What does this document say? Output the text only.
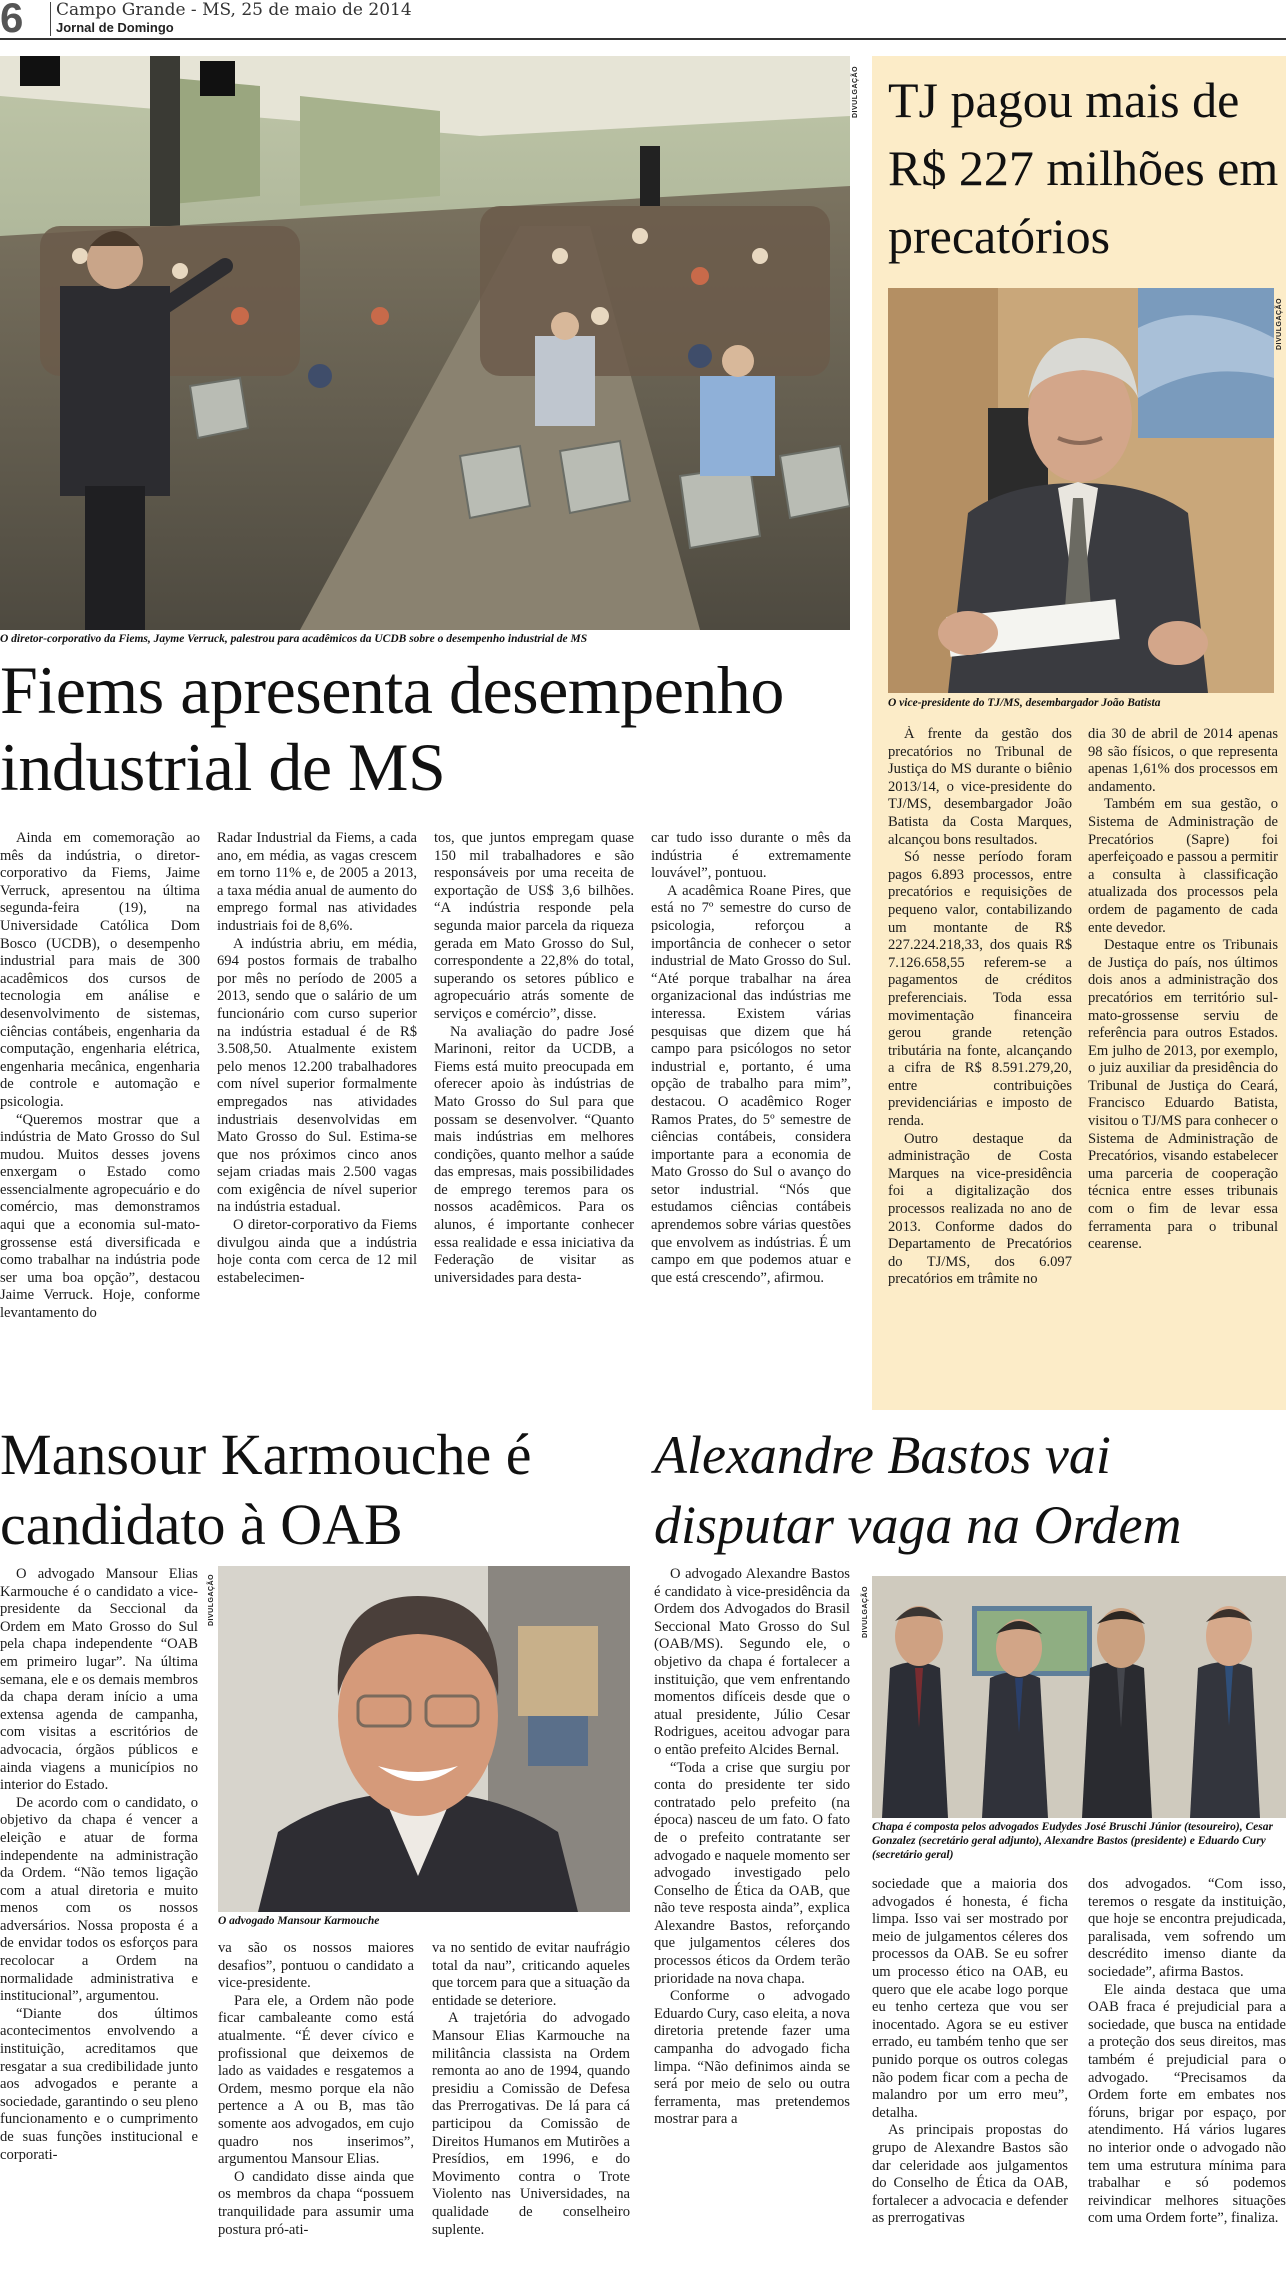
6 Campo Grande - MS, 25 de maio de 2014
Jornal de Domingo
DIVULGAÇÃO
O diretor-corporativo da Fiems, Jayme Verruck, palestrou para acadêmicos da UCDB sobre o desempenho industrial de MS
Fiems apresenta desempenho industrial de MS

Ainda em comemoração ao mês da indústria, o diretor-corporativo da Fiems, Jaime Verruck, apresentou na última segunda-feira (19), na Universidade Católica Dom Bosco (UCDB), o desempenho industrial para mais de 300 acadêmicos dos cursos de tecnologia em análise e desenvolvimento de sistemas, ciências contábeis, engenharia da computação, engenharia elétrica, engenharia mecânica, engenharia de controle e automação e psicologia.

“Queremos mostrar que a indústria de Mato Grosso do Sul mudou. Muitos desses jovens enxergam o Estado como essencialmente agropecuário e do comércio, mas demonstramos aqui que a economia sul-mato-grossense está diversificada e como trabalhar na indústria pode ser uma boa opção”, destacou Jaime Verruck. Hoje, conforme levantamento do

Radar Industrial da Fiems, a cada ano, em média, as vagas crescem em torno 11% e, de 2005 a 2013, a taxa média anual de aumento do emprego formal nas atividades industriais foi de 8,6%.

A indústria abriu, em média, 694 postos formais de trabalho por mês no período de 2005 a 2013, sendo que o salário de um funcionário com curso superior na indústria estadual é de R$ 3.508,50. Atualmente existem pelo menos 12.200 trabalhadores com nível superior formalmente empregados nas atividades industriais desenvolvidas em Mato Grosso do Sul. Estima-se que nos próximos cinco anos sejam criadas mais 2.500 vagas com exigência de nível superior na indústria estadual.

O diretor-corporativo da Fiems divulgou ainda que a indústria hoje conta com cerca de 12 mil estabelecimen-

tos, que juntos empregam quase 150 mil trabalhadores e são responsáveis por uma receita de exportação de US$ 3,6 bilhões. “A indústria responde pela segunda maior parcela da riqueza gerada em Mato Grosso do Sul, correspondente a 22,8% do total, superando os setores público e agropecuário atrás somente de serviços e comércio”, disse.

Na avaliação do padre José Marinoni, reitor da UCDB, a Fiems está muito preocupada em oferecer apoio às indústrias de Mato Grosso do Sul para que possam se desenvolver. “Quanto mais indústrias em melhores condições, quanto melhor a saúde das empresas, mais possibilidades de emprego teremos para os nossos acadêmicos. Para os alunos, é importante conhecer essa realidade e essa iniciativa da Federação de visitar as universidades para desta-

car tudo isso durante o mês da indústria é extremamente louvável”, pontuou.

A acadêmica Roane Pires, que está no 7º semestre do curso de psicologia, reforçou a importância de conhecer o setor industrial de Mato Grosso do Sul. “Até porque trabalhar na área organizacional das indústrias me interessa. Existem várias pesquisas que dizem que há campo para psicólogos no setor industrial e, portanto, é uma opção de trabalho para mim”, destacou. O acadêmico Roger Ramos Prates, do 5º semestre de ciências contábeis, considera importante para a economia de Mato Grosso do Sul o avanço do setor industrial. “Nós que estudamos ciências contábeis aprendemos sobre várias questões que envolvem as indústrias. É um campo em que podemos atuar e que está crescendo”, afirmou.

TJ pagou mais de R$ 227 milhões em precatórios
DIVULGAÇÃO
O vice-presidente do TJ/MS, desembargador João Batista

À frente da gestão dos precatórios no Tribunal de Justiça do MS durante o biênio 2013/14, o vice-presidente do TJ/MS, desembargador João Batista da Costa Marques, alcançou bons resultados.

Só nesse período foram pagos 6.893 processos, entre precatórios e requisições de pequeno valor, contabilizando um montante de R$ 227.224.218,33, dos quais R$ 7.126.658,55 referem-se a pagamentos de créditos preferenciais. Toda essa movimentação financeira gerou grande retenção tributária na fonte, alcançando a cifra de R$ 8.591.279,20, entre contribuições previdenciárias e imposto de renda.

Outro destaque da administração de Costa Marques na vice-presidência foi a digitalização dos processos realizada no ano de 2013. Conforme dados do Departamento de Precatórios do TJ/MS, dos 6.097 precatórios em trâmite no

dia 30 de abril de 2014 apenas 98 são físicos, o que representa apenas 1,61% dos processos em andamento.

Também em sua gestão, o Sistema de Administração de Precatórios (Sapre) foi aperfeiçoado e passou a permitir a consulta à classificação atualizada dos processos pela ordem de pagamento de cada ente devedor.

Destaque entre os Tribunais de Justiça do país, nos últimos dois anos a administração dos precatórios em território sul-mato-grossense serviu de referência para outros Estados. Em julho de 2013, por exemplo, o juiz auxiliar da presidência do Tribunal de Justiça do Ceará, Francisco Eduardo Batista, visitou o TJ/MS para conhecer o Sistema de Administração de Precatórios, visando estabelecer uma parceria de cooperação técnica entre esses tribunais com o fim de levar essa ferramenta para o tribunal cearense.

Mansour Karmouche é candidato à OAB

O advogado Mansour Elias Karmouche é o candidato a vice-presidente da Seccional da Ordem em Mato Grosso do Sul pela chapa independente “OAB em primeiro lugar”. Na última semana, ele e os demais membros da chapa deram início a uma extensa agenda de campanha, com visitas a escritórios de advocacia, órgãos públicos e ainda viagens a municípios no interior do Estado.

De acordo com o candidato, o objetivo da chapa é vencer a eleição e atuar de forma independente na administração da Ordem. “Não temos ligação com a atual diretoria e muito menos com os nossos adversários. Nossa proposta é a de envidar todos os esforços para recolocar a Ordem na normalidade administrativa e institucional”, argumentou.

“Diante dos últimos acontecimentos envolvendo a instituição, acreditamos que resgatar a sua credibilidade junto aos advogados e perante a sociedade, garantindo o seu pleno funcionamento e o cumprimento de suas funções institucional e corporati-

DIVULGAÇÃO
O advogado Mansour Karmouche

va são os nossos maiores desafios”, pontuou o candidato a vice-presidente.

Para ele, a Ordem não pode ficar cambaleante como está atualmente. “É dever cívico e profissional que deixemos de lado as vaidades e resgatemos a Ordem, mesmo porque ela não pertence a A ou B, mas tão somente aos advogados, em cujo quadro nos inserimos”, argumentou Mansour Elias.

O candidato disse ainda que os membros da chapa “possuem tranquilidade para assumir uma postura pró-ati-

va no sentido de evitar naufrágio total da nau”, criticando aqueles que torcem para que a situação da entidade se deteriore.

A trajetória do advogado Mansour Elias Karmouche na militância classista na Ordem remonta ao ano de 1994, quando presidiu a Comissão de Defesa das Prerrogativas. De lá para cá participou da Comissão de Direitos Humanos em Mutirões a Presídios, em 1996, e do Movimento contra o Trote Violento nas Universidades, na qualidade de conselheiro suplente.

Alexandre Bastos vai disputar vaga na Ordem

O advogado Alexandre Bastos é candidato à vice-presidência da Ordem dos Advogados do Brasil Seccional Mato Grosso do Sul (OAB/MS). Segundo ele, o objetivo da chapa é fortalecer a instituição, que vem enfrentando momentos difíceis desde que o atual presidente, Júlio Cesar Rodrigues, aceitou advogar para o então prefeito Alcides Bernal.

“Toda a crise que surgiu por conta do presidente ter sido contratado pelo prefeito (na época) nasceu de um fato. O fato de o prefeito contratante ser advogado e naquele momento ser advogado investigado pelo Conselho de Ética da OAB, que não teve resposta ainda”, explica Alexandre Bastos, reforçando que julgamentos céleres dos processos éticos da Ordem terão prioridade na nova chapa.

Conforme o advogado Eduardo Cury, caso eleita, a nova diretoria pretende fazer uma campanha do advogado ficha limpa. “Não definimos ainda se será por meio de selo ou outra ferramenta, mas pretendemos mostrar para a

DIVULGAÇÃO
Chapa é composta pelos advogados Eudydes José Bruschi Júnior (tesoureiro), Cesar Gonzalez (secretário geral adjunto), Alexandre Bastos (presidente) e Eduardo Cury (secretário geral)

sociedade que a maioria dos advogados é honesta, é ficha limpa. Isso vai ser mostrado por meio de julgamentos céleres dos processos da OAB. Se eu sofrer um processo ético na OAB, eu quero que ele acabe logo porque eu tenho certeza que vou ser inocentado. Agora se eu estiver errado, eu também tenho que ser punido porque os outros colegas não podem ficar com a pecha de malandro por um erro meu”, detalha.

As principais propostas do grupo de Alexandre Bastos são dar celeridade aos julgamentos do Conselho de Ética da OAB, fortalecer a advocacia e defender as prerrogativas

dos advogados. “Com isso, teremos o resgate da instituição, que hoje se encontra prejudicada, paralisada, vem sofrendo um descrédito imenso diante da sociedade”, afirma Bastos.

Ele ainda destaca que uma OAB fraca é prejudicial para a sociedade, que busca na entidade a proteção dos seus direitos, mas também é prejudicial para o advogado. “Precisamos da Ordem forte em embates nos fóruns, brigar por espaço, por atendimento. Há vários lugares no interior onde o advogado não tem uma estrutura mínima para trabalhar e só podemos reivindicar melhores situações com uma Ordem forte”, finaliza.
